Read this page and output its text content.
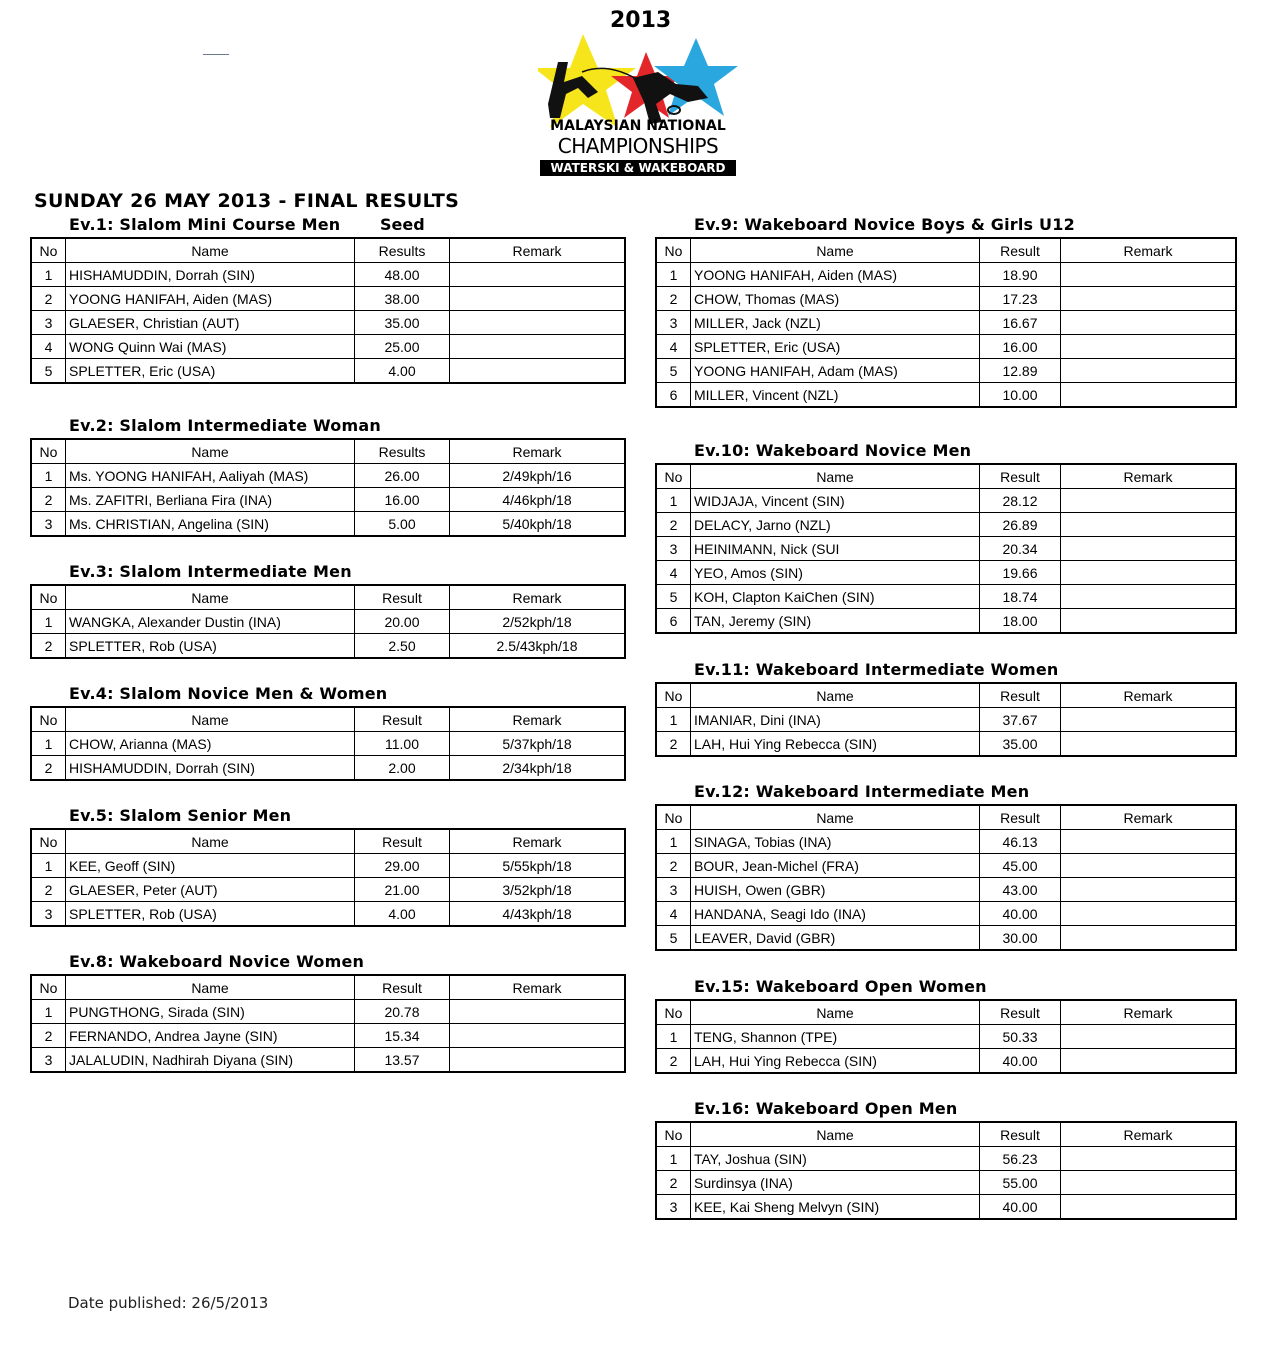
2013
MALAYSIAN NATIONAL
CHAMPIONSHIPS
WATERSKI & WAKEBOARD
SUNDAY 26 MAY 2013 - FINAL RESULTS
Seed
Ev.1: Slalom Mini Course Men
No	Name	Results	Remark
1	HISHAMUDDIN, Dorrah (SIN)	48.00	
2	YOONG HANIFAH, Aiden (MAS)	38.00	
3	GLAESER, Christian (AUT)	35.00	
4	WONG Quinn Wai (MAS)	25.00	
5	SPLETTER, Eric (USA)	4.00	
Ev.2: Slalom Intermediate Woman
No	Name	Results	Remark
1	Ms. YOONG HANIFAH, Aaliyah (MAS)	26.00	2/49kph/16
2	Ms. ZAFITRI, Berliana Fira (INA)	16.00	4/46kph/18
3	Ms. CHRISTIAN, Angelina (SIN)	5.00	5/40kph/18
Ev.3: Slalom Intermediate Men
No	Name	Result	Remark
1	WANGKA, Alexander Dustin (INA)	20.00	2/52kph/18
2	SPLETTER, Rob (USA)	2.50	2.5/43kph/18
Ev.4: Slalom Novice Men & Women
No	Name	Result	Remark
1	CHOW, Arianna (MAS)	11.00	5/37kph/18
2	HISHAMUDDIN, Dorrah (SIN)	2.00	2/34kph/18
Ev.5: Slalom Senior Men
No	Name	Result	Remark
1	KEE, Geoff (SIN)	29.00	5/55kph/18
2	GLAESER, Peter (AUT)	21.00	3/52kph/18
3	SPLETTER, Rob (USA)	4.00	4/43kph/18
Ev.8: Wakeboard Novice Women
No	Name	Result	Remark
1	PUNGTHONG, Sirada (SIN)	20.78	
2	FERNANDO, Andrea Jayne (SIN)	15.34	
3	JALALUDIN, Nadhirah Diyana (SIN)	13.57	
Ev.9: Wakeboard Novice Boys & Girls U12
No	Name	Result	Remark
1	YOONG HANIFAH, Aiden (MAS)	18.90	
2	CHOW, Thomas (MAS)	17.23	
3	MILLER, Jack (NZL)	16.67	
4	SPLETTER, Eric (USA)	16.00	
5	YOONG HANIFAH, Adam (MAS)	12.89	
6	MILLER, Vincent (NZL)	10.00	
Ev.10: Wakeboard Novice Men
No	Name	Result	Remark
1	WIDJAJA, Vincent (SIN)	28.12	
2	DELACY, Jarno (NZL)	26.89	
3	HEINIMANN, Nick (SUI	20.34	
4	YEO, Amos (SIN)	19.66	
5	KOH, Clapton KaiChen (SIN)	18.74	
6	TAN, Jeremy (SIN)	18.00	
Ev.11: Wakeboard Intermediate Women
No	Name	Result	Remark
1	IMANIAR, Dini (INA)	37.67	
2	LAH, Hui Ying Rebecca (SIN)	35.00	
Ev.12: Wakeboard Intermediate Men
No	Name	Result	Remark
1	SINAGA, Tobias (INA)	46.13	
2	BOUR, Jean-Michel (FRA)	45.00	
3	HUISH, Owen (GBR)	43.00	
4	HANDANA, Seagi Ido (INA)	40.00	
5	LEAVER, David (GBR)	30.00	
Ev.15: Wakeboard Open Women
No	Name	Result	Remark
1	TENG, Shannon (TPE)	50.33	
2	LAH, Hui Ying Rebecca (SIN)	40.00	
Ev.16: Wakeboard Open Men
No	Name	Result	Remark
1	TAY, Joshua (SIN)	56.23	
2	Surdinsya (INA)	55.00	
3	KEE, Kai Sheng Melvyn (SIN)	40.00	
Date published: 26/5/2013
